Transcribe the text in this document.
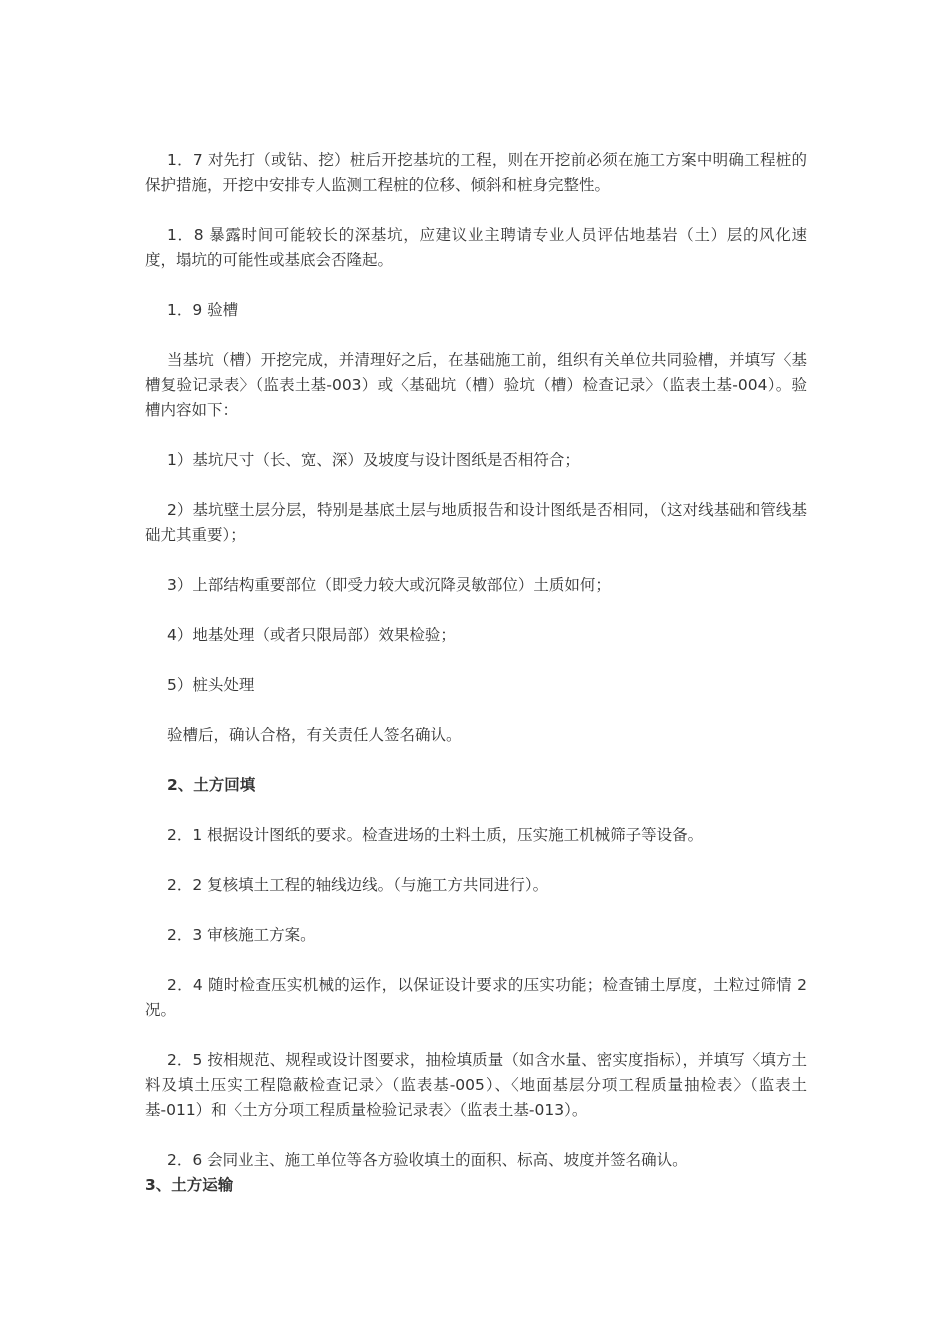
1．7 对先打（或钻、挖）桩后开挖基坑的工程，则在开挖前必须在施工方案中明确工程桩的保护措施，开挖中安排专人监测工程桩的位移、倾斜和桩身完整性。

1．8 暴露时间可能较长的深基坑，应建议业主聘请专业人员评估地基岩（土）层的风化速度，塌坑的可能性或基底会否隆起。

1．9 验槽

当基坑（槽）开挖完成，并清理好之后，在基础施工前，组织有关单位共同验槽，并填写〈基槽复验记录表〉（监表土基-003）或〈基础坑（槽）验坑（槽）检查记录〉（监表土基-004）。验槽内容如下：

1）基坑尺寸（长、宽、深）及坡度与设计图纸是否相符合；

2）基坑壁土层分层，特别是基底土层与地质报告和设计图纸是否相同，（这对线基础和管线基础尤其重要）；

3）上部结构重要部位（即受力较大或沉降灵敏部位）土质如何；

4）地基处理（或者只限局部）效果检验；

5）桩头处理

验槽后，确认合格，有关责任人签名确认。

2、土方回填

2．1 根据设计图纸的要求。检查进场的土料土质，压实施工机械筛子等设备。

2．2 复核填土工程的轴线边线。（与施工方共同进行）。

2．3 审核施工方案。

2．4 随时检查压实机械的运作，以保证设计要求的压实功能；检查铺土厚度，土粒过筛情 2 况。

2．5 按相规范、规程或设计图要求，抽检填质量（如含水量、密实度指标），并填写〈填方土料及填土压实工程隐蔽检查记录〉（监表基-005）、〈地面基层分项工程质量抽检表〉（监表土基-011）和〈土方分项工程质量检验记录表〉（监表土基-013）。

2．6 会同业主、施工单位等各方验收填土的面积、标高、坡度并签名确认。

3、土方运输
